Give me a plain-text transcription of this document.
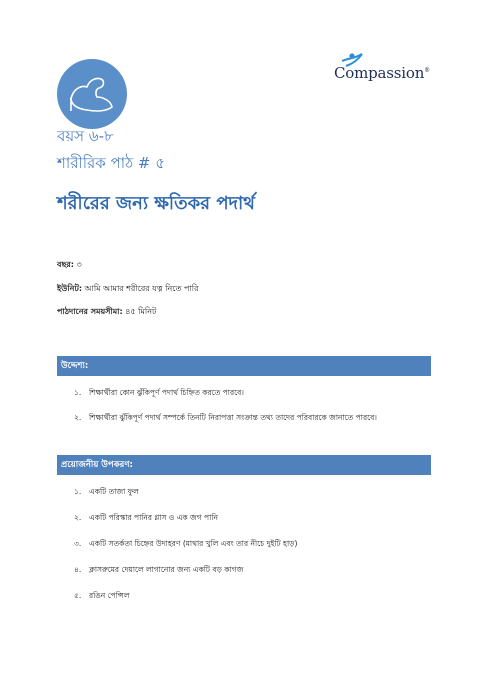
Compassion®
বয়স ৬-৮
শারীরিক পাঠ # ৫
শরীরের জন্য ক্ষতিকর পদার্থ
বছর: ৩
ইউনিট: আমি আমার শরীরের যত্ন নিতে পারি
পাঠদানের সময়সীমা: ৪৫ মিনিট
উদ্দেশ্য:
১. শিক্ষার্থীরা কোন ঝুঁকিপূর্ণ পদার্থ চিহ্নিত করতে পারবে।
২. শিক্ষার্থীরা ঝুঁকিপূর্ণ পদার্থ সম্পর্কে তিনটি নিরাপত্তা সংক্রান্ত তথ্য তাদের পরিবারকে জানাতে পারবে।
প্রয়োজনীয় উপকরণ:
১. একটি তাজা ফুল
২. একটি পরিস্কার পানির গ্লাস ও এক জগ পানি
৩. একটি সতর্কতা চিহ্নের উদাহরণ (মাথার খুলি এবং তার নীচে দুইটি হাড়)
৪. ক্লাসরুমের দেয়ালে লাগানোর জন্য একটি বড় কাগজ
৫. রঙিন পেন্সিল
